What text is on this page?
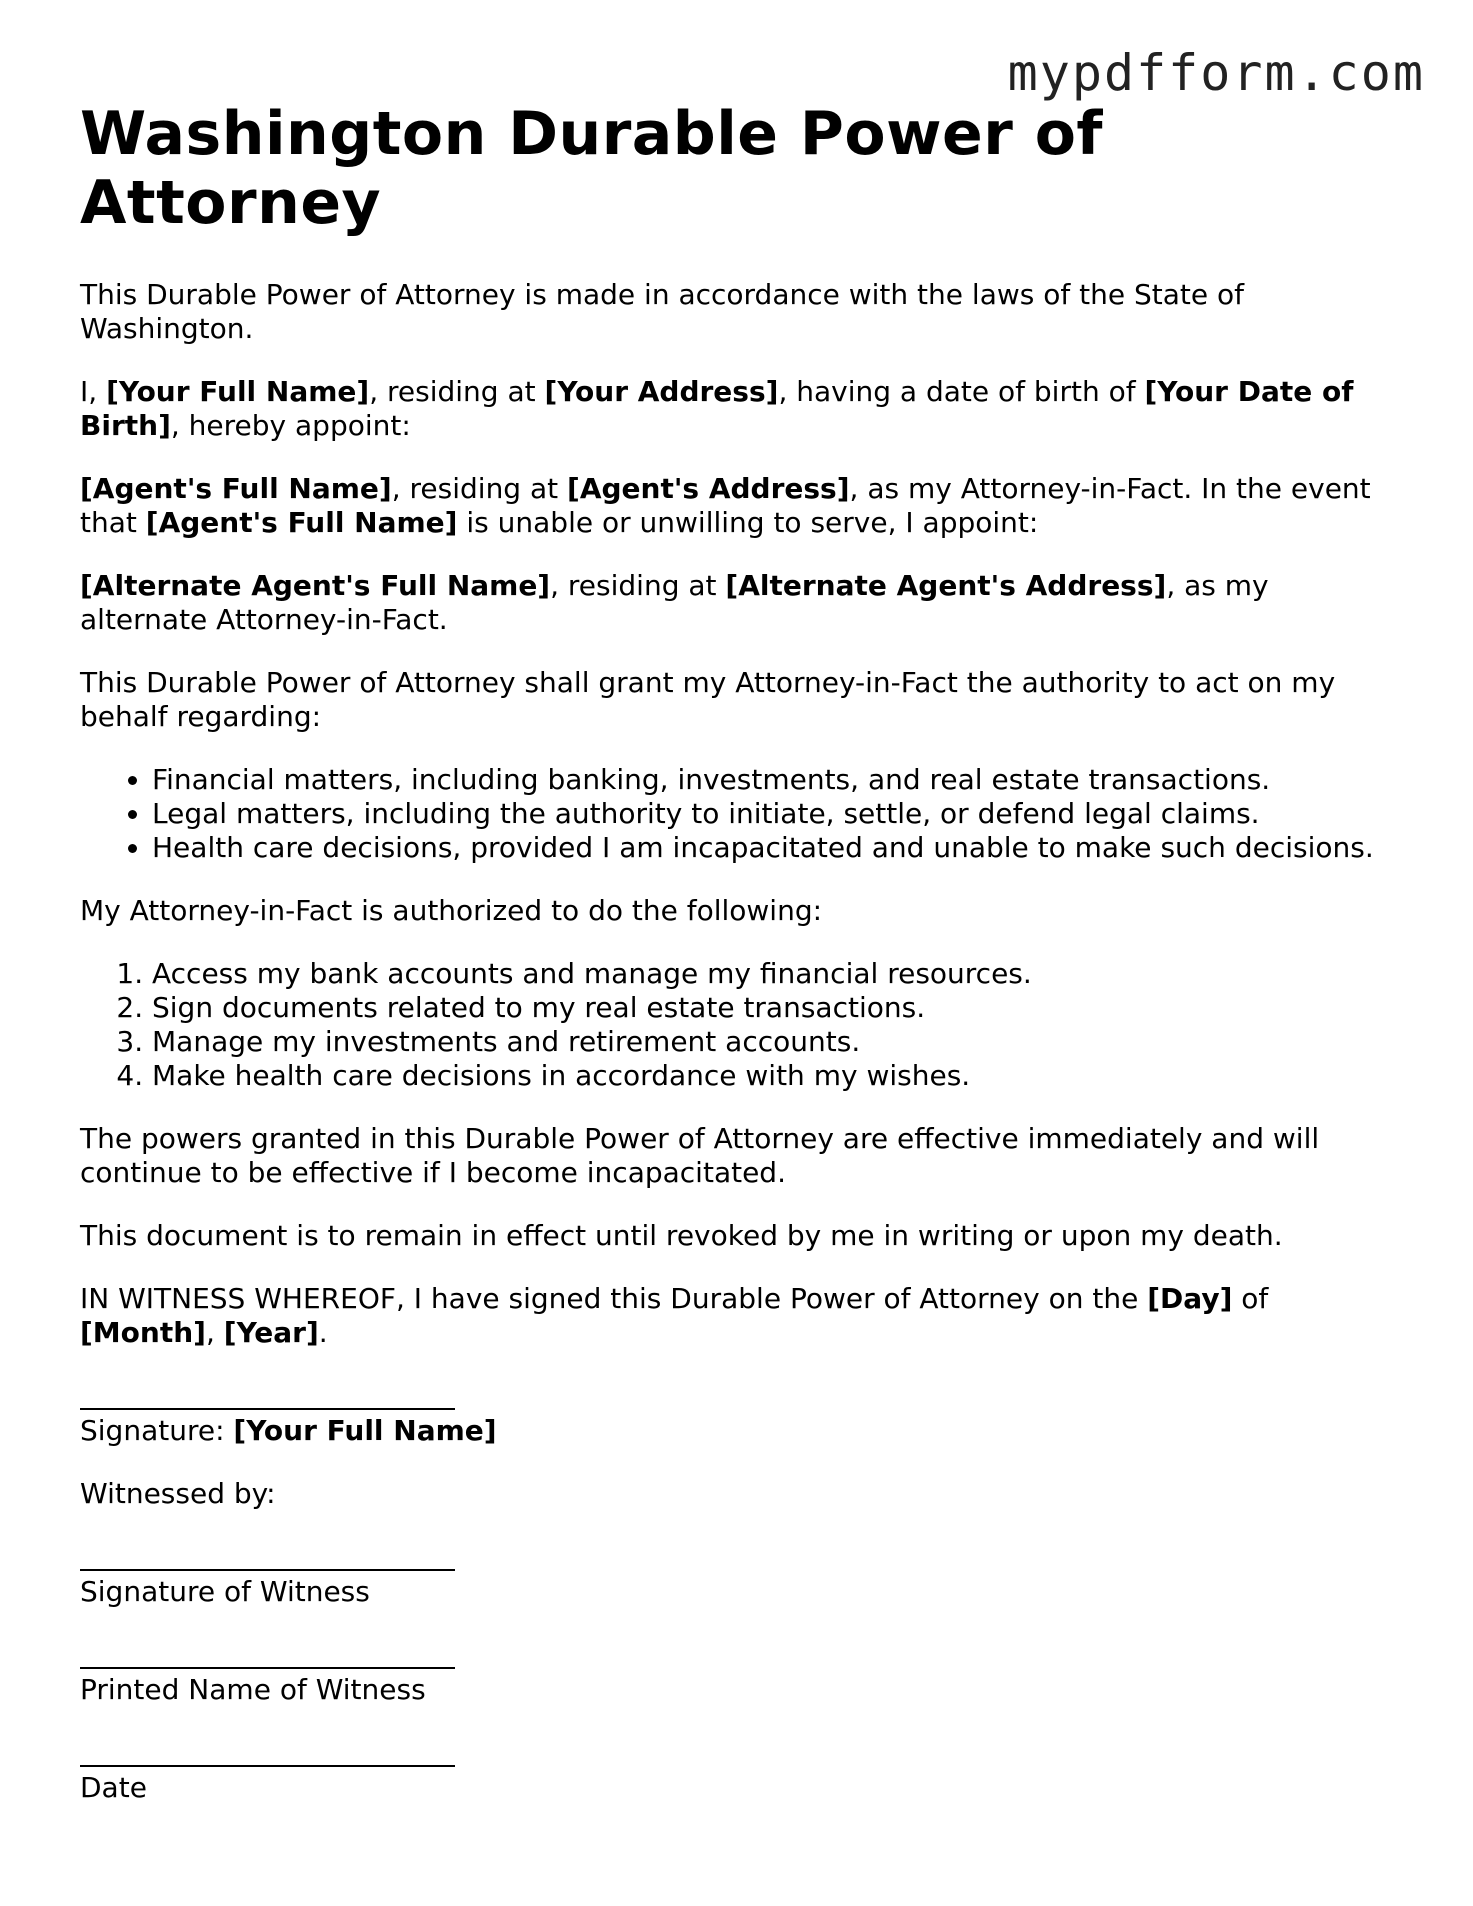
mypdfform.com
Washington Durable Power of Attorney

This Durable Power of Attorney is made in accordance with the laws of the State of Washington.

I, [Your Full Name], residing at [Your Address], having a date of birth of [Your Date of Birth], hereby appoint:

[Agent's Full Name], residing at [Agent's Address], as my Attorney-in-Fact. In the event that [Agent's Full Name] is unable or unwilling to serve, I appoint:

[Alternate Agent's Full Name], residing at [Alternate Agent's Address], as my alternate Attorney-in-Fact.

This Durable Power of Attorney shall grant my Attorney-in-Fact the authority to act on my behalf regarding:

• Financial matters, including banking, investments, and real estate transactions.
• Legal matters, including the authority to initiate, settle, or defend legal claims.
• Health care decisions, provided I am incapacitated and unable to make such decisions.

My Attorney-in-Fact is authorized to do the following:

1. Access my bank accounts and manage my financial resources.
2. Sign documents related to my real estate transactions.
3. Manage my investments and retirement accounts.
4. Make health care decisions in accordance with my wishes.

The powers granted in this Durable Power of Attorney are effective immediately and will continue to be effective if I become incapacitated.

This document is to remain in effect until revoked by me in writing or upon my death.

IN WITNESS WHEREOF, I have signed this Durable Power of Attorney on the [Day] of [Month], [Year].

Signature: [Your Full Name]

Witnessed by:

Signature of Witness

Printed Name of Witness

Date
